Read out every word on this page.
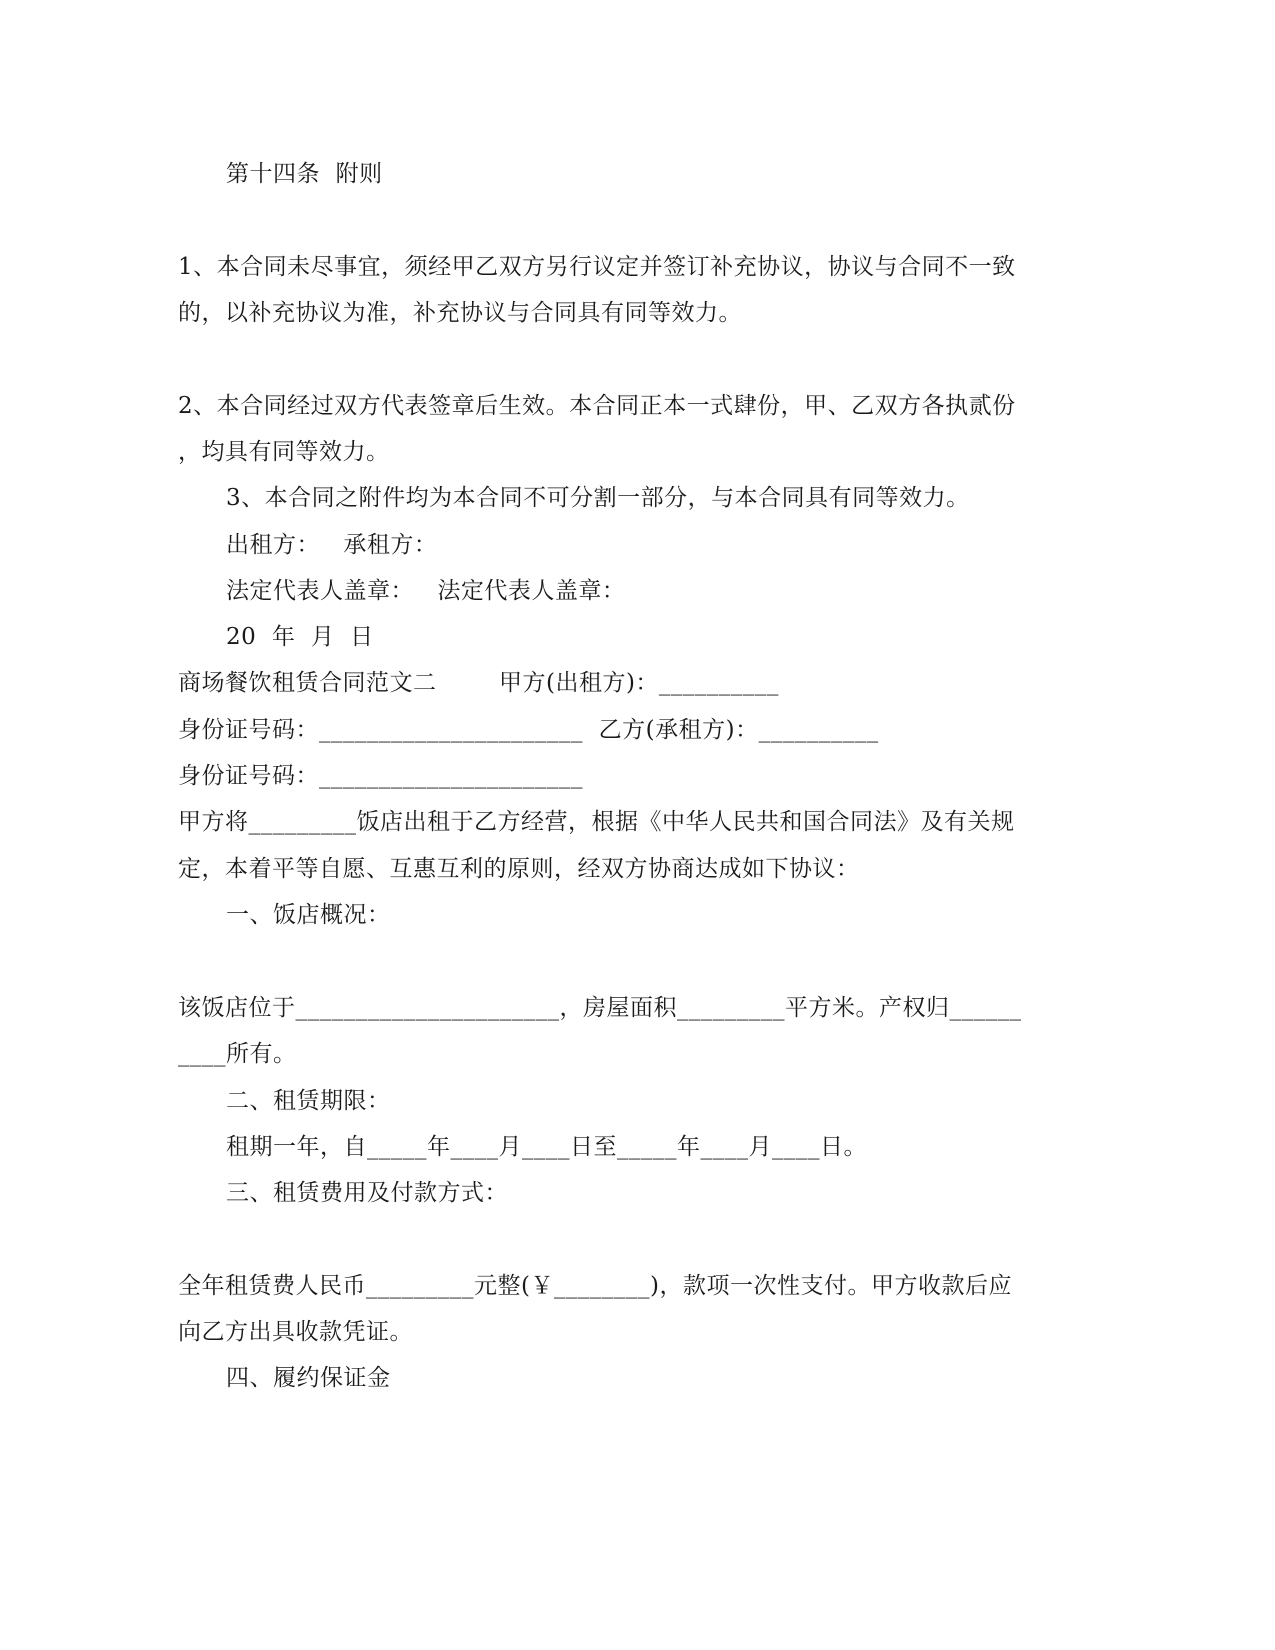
第十四条  附则
1、本合同未尽事宜，须经甲乙双方另行议定并签订补充协议，协议与合同不一致
的，以补充协议为准，补充协议与合同具有同等效力。
2、本合同经过双方代表签章后生效。本合同正本一式肆份，甲、乙双方各执贰份
，均具有同等效力。
3、本合同之附件均为本合同不可分割一部分，与本合同具有同等效力。
出租方：   承租方：
法定代表人盖章：   法定代表人盖章：
20  年  月  日
商场餐饮租赁合同范文二        甲方(出租方)：__________
身份证号码：______________________  乙方(承租方)：__________
身份证号码：______________________
甲方将_________饭店出租于乙方经营，根据《中华人民共和国合同法》及有关规
定，本着平等自愿、互惠互利的原则，经双方协商达成如下协议：
一、饭店概况：
该饭店位于______________________，房屋面积_________平方米。产权归______
____所有。
二、租赁期限：
租期一年，自_____年____月____日至_____年____月____日。
三、租赁费用及付款方式：
全年租赁费人民币_________元整(￥________)，款项一次性支付。甲方收款后应
向乙方出具收款凭证。
四、履约保证金
